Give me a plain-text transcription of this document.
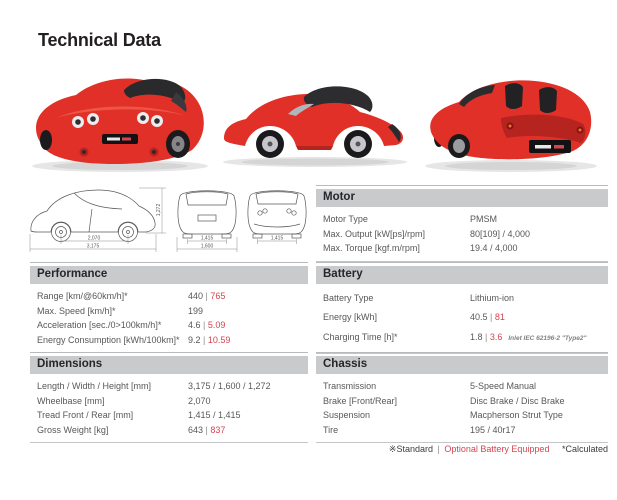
Technical Data
2,070
3,175
1,272
1,415
1,600
1,415
Motor
Motor Type	PMSM
Max. Output [kW[ps]/rpm]	80[109] / 4,000
Max. Torque [kgf.m/rpm]	19.4 / 4,000
Performance
Range [km/@60km/h]*	440 | 765
Max. Speed [km/h]*	199
Acceleration [sec./0>100km/h]*	4.6 | 5.09
Energy Consumption [kWh/100km]* 9.2 | 10.59
Battery
Battery Type	Lithium-ion
Energy [kWh]	40.5 | 81
Charging Time [h]*	1.8 | 3.6 Inlet IEC 62196-2 "Type2"
Dimensions
Length / Width / Height [mm]	3,175 / 1,600 / 1,272
Wheelbase [mm]	2,070
Tread Front / Rear [mm]	1,415 / 1,415
Gross Weight [kg]	643 | 837
Chassis
Transmission	5-Speed Manual
Brake [Front/Rear]	Disc Brake / Disc Brake
Suspension	Macpherson Strut Type
Tire	195 / 40r17
※Standard | Optional Battery Equipped *Calculated
